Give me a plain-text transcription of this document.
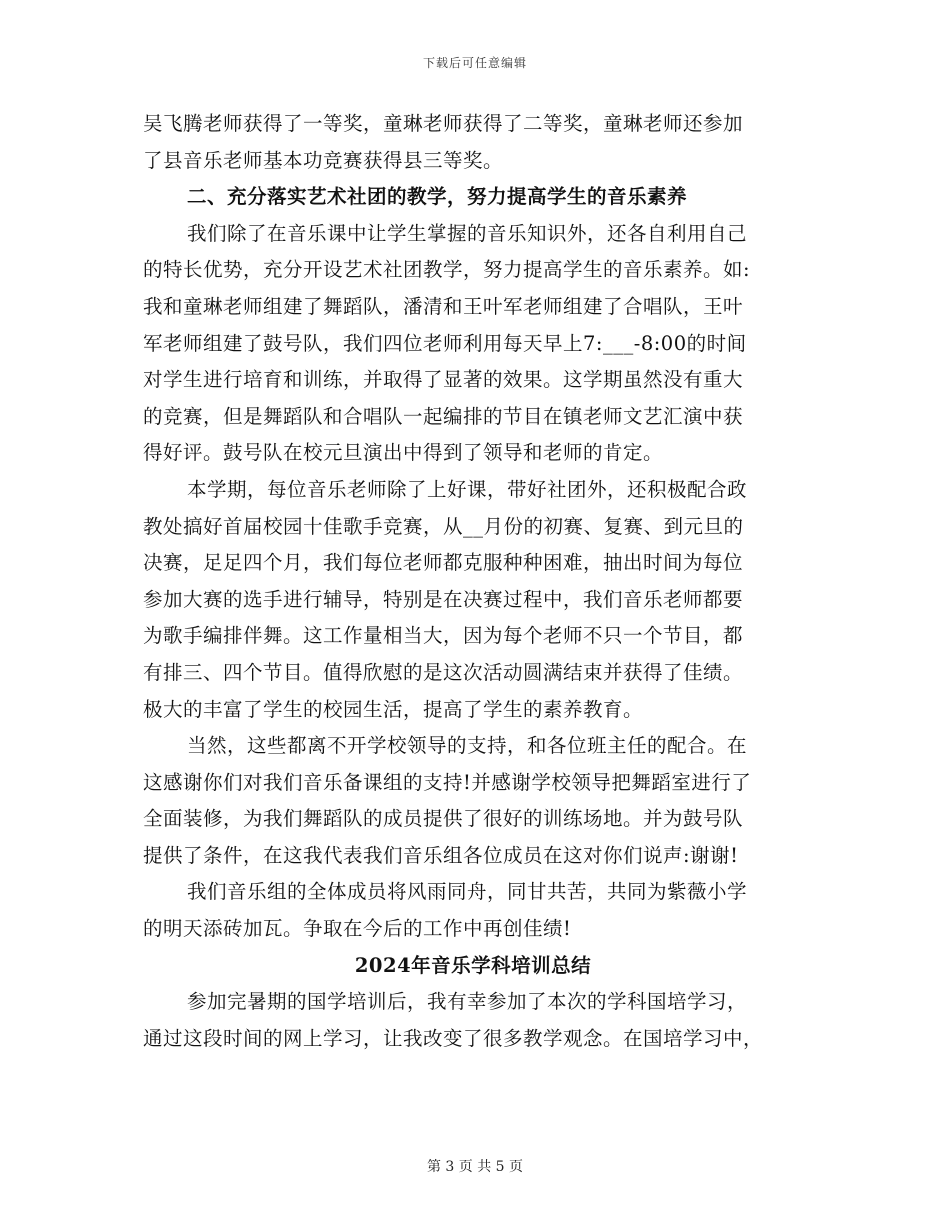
下载后可任意编辑
吴飞腾老师获得了一等奖，童琳老师获得了二等奖，童琳老师还参加
了县音乐老师基本功竞赛获得县三等奖。
二、充分落实艺术社团的教学，努力提高学生的音乐素养
我们除了在音乐课中让学生掌握的音乐知识外，还各自利用自己
的特长优势，充分开设艺术社团教学，努力提高学生的音乐素养。如:
我和童琳老师组建了舞蹈队，潘清和王叶军老师组建了合唱队，王叶
军老师组建了鼓号队，我们四位老师利用每天早上7:___-8:00的时间
对学生进行培育和训练，并取得了显著的效果。这学期虽然没有重大
的竞赛，但是舞蹈队和合唱队一起编排的节目在镇老师文艺汇演中获
得好评。鼓号队在校元旦演出中得到了领导和老师的肯定。
本学期，每位音乐老师除了上好课，带好社团外，还积极配合政
教处搞好首届校园十佳歌手竞赛，从__月份的初赛、复赛、到元旦的
决赛，足足四个月，我们每位老师都克服种种困难，抽出时间为每位
参加大赛的选手进行辅导，特别是在决赛过程中，我们音乐老师都要
为歌手编排伴舞。这工作量相当大，因为每个老师不只一个节目，都
有排三、四个节目。值得欣慰的是这次活动圆满结束并获得了佳绩。
极大的丰富了学生的校园生活，提高了学生的素养教育。
当然，这些都离不开学校领导的支持，和各位班主任的配合。在
这感谢你们对我们音乐备课组的支持!并感谢学校领导把舞蹈室进行了
全面装修，为我们舞蹈队的成员提供了很好的训练场地。并为鼓号队
提供了条件，在这我代表我们音乐组各位成员在这对你们说声:谢谢!
我们音乐组的全体成员将风雨同舟，同甘共苦，共同为紫薇小学
的明天添砖加瓦。争取在今后的工作中再创佳绩!
2024年音乐学科培训总结
参加完暑期的国学培训后，我有幸参加了本次的学科国培学习，
通过这段时间的网上学习，让我改变了很多教学观念。在国培学习中，
第 3 页 共 5 页
